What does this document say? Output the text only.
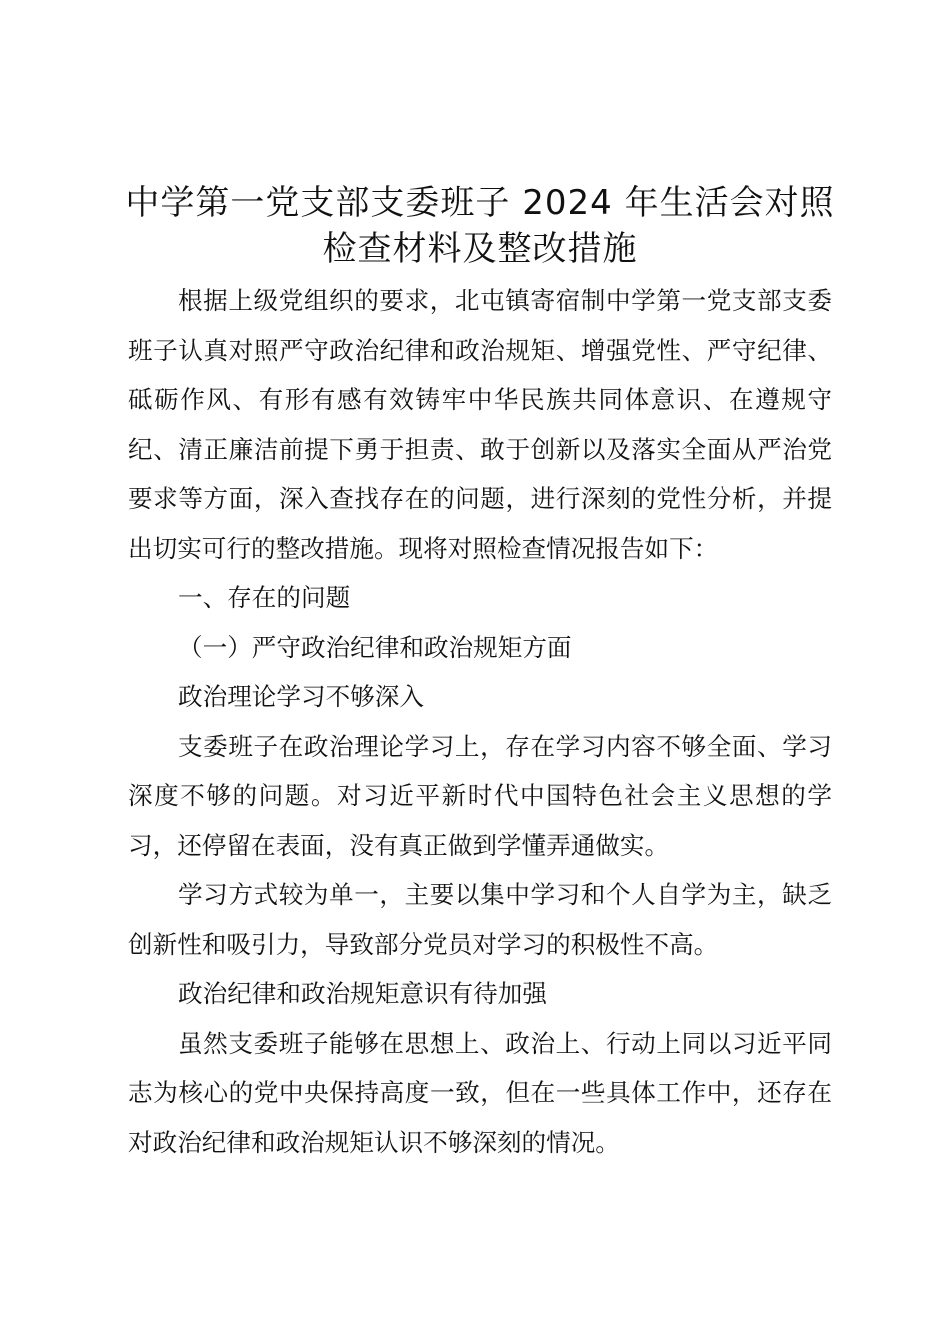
中学第一党支部支委班子 2024 年生活会对照
检查材料及整改措施

根据上级党组织的要求，北屯镇寄宿制中学第一党支部支委班子认真对照严守政治纪律和政治规矩、增强党性、严守纪律、砥砺作风、有形有感有效铸牢中华民族共同体意识、在遵规守纪、清正廉洁前提下勇于担责、敢于创新以及落实全面从严治党要求等方面，深入查找存在的问题，进行深刻的党性分析，并提出切实可行的整改措施。现将对照检查情况报告如下：

一、存在的问题

（一）严守政治纪律和政治规矩方面

政治理论学习不够深入

支委班子在政治理论学习上，存在学习内容不够全面、学习深度不够的问题。对习近平新时代中国特色社会主义思想的学习，还停留在表面，没有真正做到学懂弄通做实。

学习方式较为单一，主要以集中学习和个人自学为主，缺乏创新性和吸引力，导致部分党员对学习的积极性不高。

政治纪律和政治规矩意识有待加强

虽然支委班子能够在思想上、政治上、行动上同以习近平同志为核心的党中央保持高度一致，但在一些具体工作中，还存在对政治纪律和政治规矩认识不够深刻的情况。
